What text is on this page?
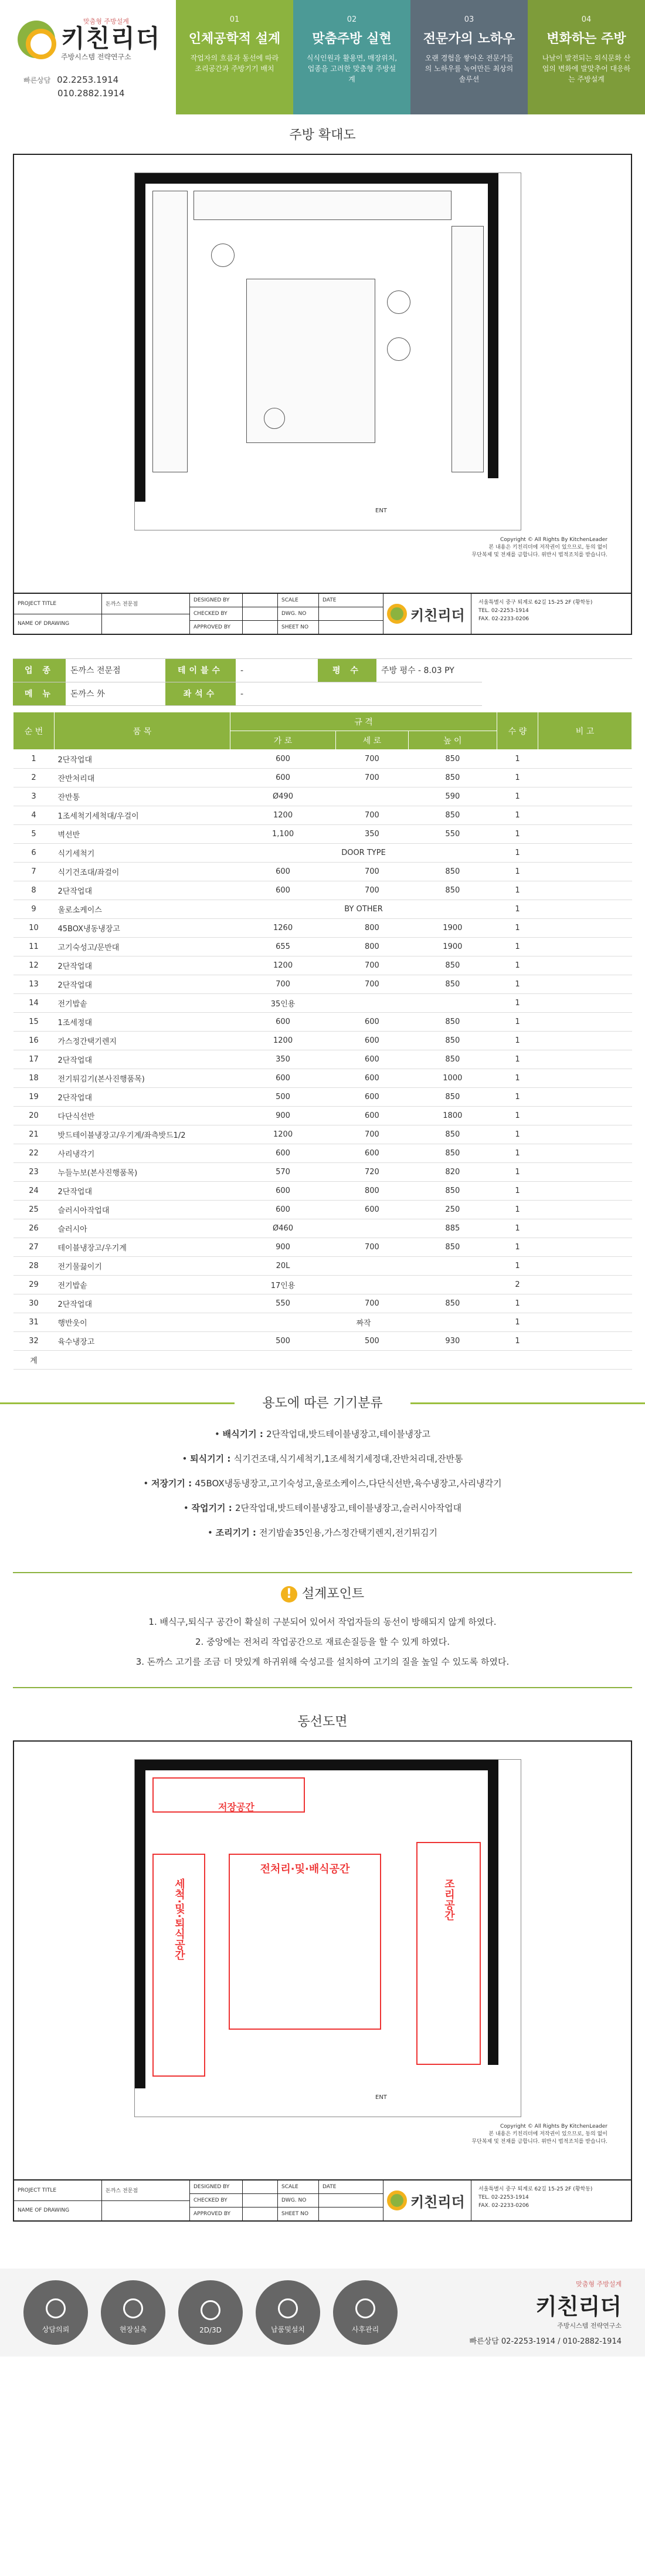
맞춤형 주방설계
키친리더
주방시스템 전략연구소
빠른상담 02.2253.1914
010.2882.1914
01
인체공학적 설계
작업자의 흐름과 동선에 따라 조리공간과 주방기기 배치
02
맞춤주방 실현
식식인원과 활용면, 매장위치, 업종을 고려한 맞춤형 주방설계
03
전문가의 노하우
오랜 경험을 쌓아온 전문가들의 노하우를 녹여만든 최상의 솔루션
04
변화하는 주방
나날이 발전되는 외식문화 산업의 변화에 발맞추어 대응하는 주방설계
주방 확대도
ENT
Copyright © All Rights By KitchenLeader
본 내용은 키친리더에 저작권이 있으므로, 동의 없이
무단복제 및 전재를 금합니다. 위반시 법적조치를 받습니다.
PROJECT TITLE
NAME OF DRAWING
돈까스 전문점
DESIGNED BY
CHECKED BY
APPROVED BY
SCALE
DWG. NO
SHEET NO
DATE
키친리더
서울특별시 중구 퇴계로 62길 15-25 2F (황학동)
TEL. 02-2253-1914
FAX. 02-2233-0206
업 종	돈까스 전문점	테이블수	-	평 수	주방 평수 - 8.03 PY
메 뉴	돈까스 外	좌석수	-
순 번	품 목	규 격			수 량	비 고
		가 로	세 로	높 이		
1	2단작업대	600	700	850	1	
2	잔반처리대	600	700	850	1	
3	잔반통	Ø490		590	1	
4	1조세척기세척대/우걸이	1200	700	850	1	
5	벽선반	1,100	350	550	1	
6	식기세척기	DOOR TYPE			1	
7	식기건조대/좌걸이	600	700	850	1	
8	2단작업대	600	700	850	1	
9	울로소케이스	BY OTHER			1	
10	45BOX냉동냉장고	1260	800	1900	1	
11	고기숙성고/문반대	655	800	1900	1	
12	2단작업대	1200	700	850	1	
13	2단작업대	700	700	850	1	
14	전기밥솥	35인용			1	
15	1조세정대	600	600	850	1	
16	가스정간택기렌지	1200	600	850	1	
17	2단작업대	350	600	850	1	
18	전기튀김기(본사진행품목)	600	600	1000	1	
19	2단작업대	500	600	850	1	
20	다단식선반	900	600	1800	1	
21	밧드테이블냉장고/우기계/좌측밧드1/2	1200	700	850	1	
22	사리냉각기	600	600	850	1	
23	누들누보(본사진행품목)	570	720	820	1	
24	2단작업대	600	800	850	1	
25	슬러시아작업대	600	600	250	1	
26	슬러시아	Ø460		885	1	
27	테이블냉장고/우기계	900	700	850	1	
28	전기물끓이기	20L			1	
29	전기밥솥	17인용			2	
30	2단작업대	550	700	850	1	
31	행반웃이	짜작			1	
32	육수냉장고	500	500	930	1	
계						
용도에 따른 기기분류
• 배식기기 : 2단작업대,밧드테이블냉장고,테이블냉장고
• 퇴식기기 : 식기건조대,식기세척기,1조세척기세정대,잔반처리대,잔반통
• 저장기기 : 45BOX냉동냉장고,고기숙성고,울로소케이스,다단식선반,육수냉장고,사리냉각기
• 작업기기 : 2단작업대,밧드테이블냉장고,테이블냉장고,슬러시아작업대
• 조리기기 : 전기밥솥35인용,가스정간택기렌지,전기튀김기
! 설계포인트
1. 배식구,퇴식구 공간이 확실히 구분되어 있어서 작업자들의 동선이 방해되지 않게 하였다.
2. 중앙에는 전처리 작업공간으로 재료손질등을 할 수 있게 하였다.
3. 돈까스 고기를 조금 더 맛있게 하귀위해 숙성고를 설치하여 고기의 질을 높일 수 있도록 하였다.
동선도면
저장공간
세척·및·퇴식공간
전처리·및·배식공간
조리공간
ENT
Copyright © All Rights By KitchenLeader
본 내용은 키친리더에 저작권이 있으므로, 동의 없이
무단복제 및 전재를 금합니다. 위반시 법적조치를 받습니다.
PROJECT TITLE
NAME OF DRAWING
돈까스 전문점
DESIGNED BY
CHECKED BY
APPROVED BY
SCALE
DWG. NO
SHEET NO
DATE
키친리더
서울특별시 중구 퇴계로 62길 15-25 2F (황학동)
TEL. 02-2253-1914
FAX. 02-2233-0206
상담의뢰	현장실측	2D/3D	납품및설치	사후관리
맞춤형 주방설계
키친리더
주방시스템 전략연구소
빠른상담 02-2253-1914 / 010-2882-1914
